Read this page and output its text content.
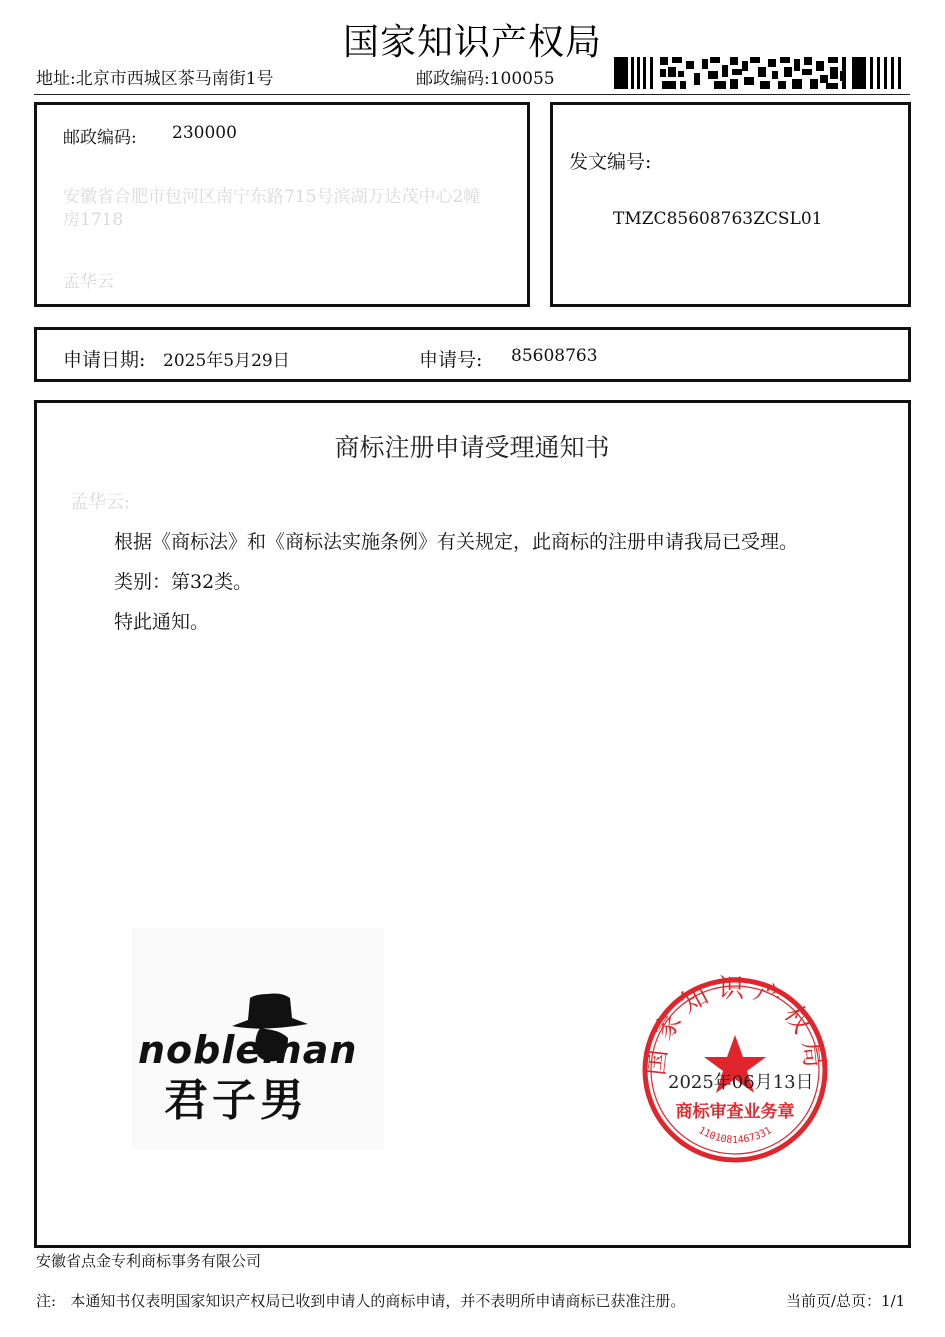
国家知识产权局
地址:北京市西城区茶马南街1号	邮政编码:100055
邮政编码: 230000
安徽省合肥市包河区南宁东路715号滨湖万达茂中心2幢
房1718
孟华云
发文编号:
TMZC85608763ZCSL01
申请日期: 2025年5月29日	申请号: 85608763
商标注册申请受理通知书
孟华云:
根据《商标法》和《商标法实施条例》有关规定，此商标的注册申请我局已受理。
类别：第32类。
特此通知。
nobleman
君子男
国家知识产权局
商标审查业务章
1101081467331
2025年06月13日
安徽省点金专利商标事务有限公司
注:   本通知书仅表明国家知识产权局已收到申请人的商标申请，并不表明所申请商标已获准注册。	当前页/总页：1/1
